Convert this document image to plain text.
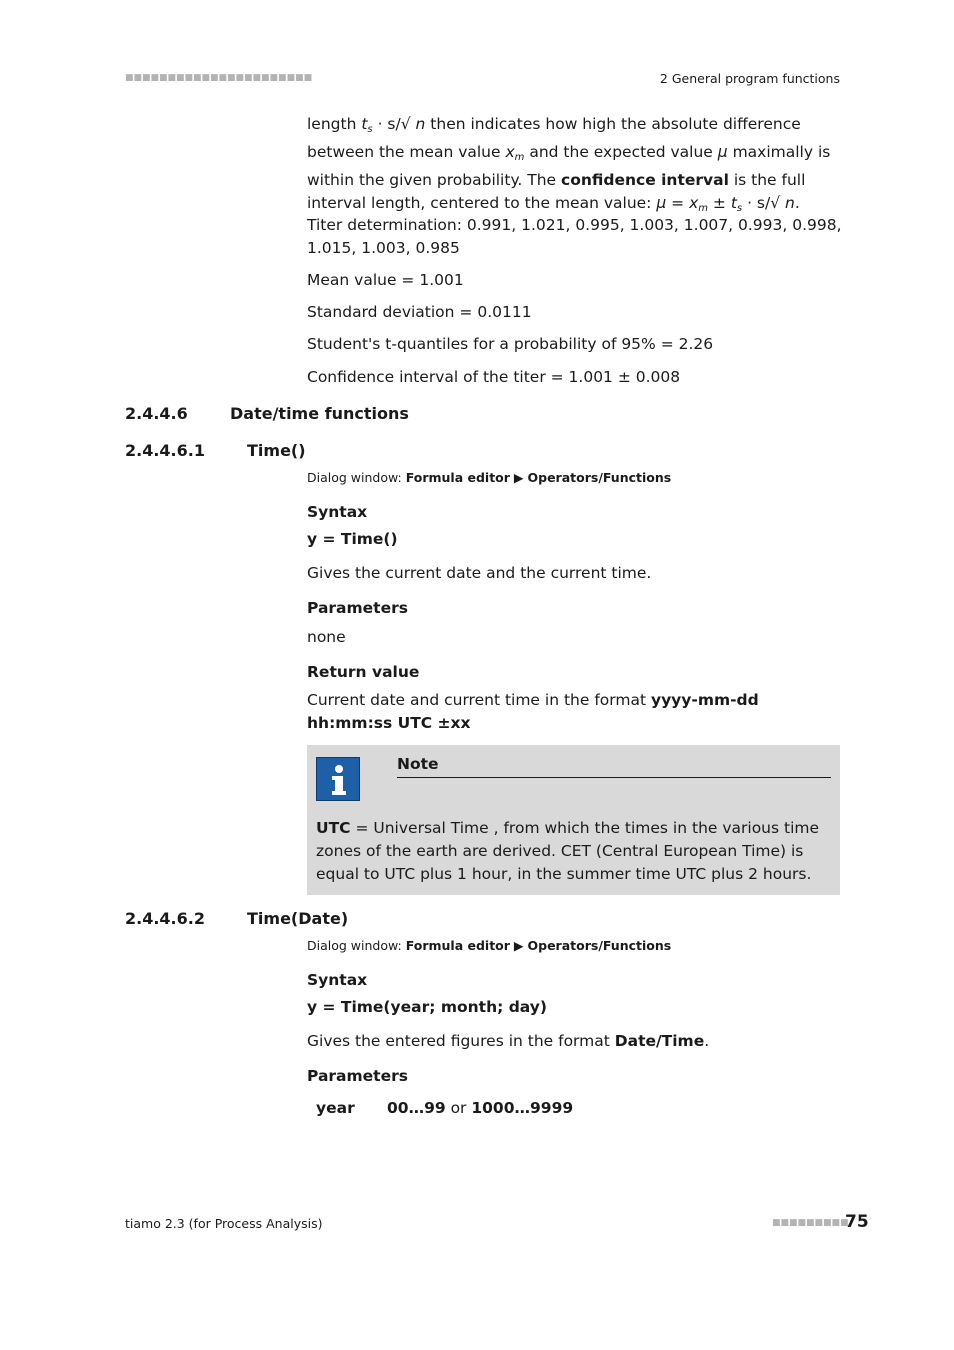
■■■■■■■■■■■■■■■■■■■■■■	2 General program functions

length $t_s \cdot s/√$ n then indicates how high the absolute difference between the mean value $x_m$ and the expected value μ maximally is within the given probability. The confidence interval is the full interval length, centered to the mean value: $\mu = x_m \pm t_s \cdot s/√$ n.

Titer determination: 0.991, 1.021, 0.995, 1.003, 1.007, 0.993, 0.998, 1.015, 1.003, 0.985

Mean value = 1.001

Standard deviation = 0.0111

Student's t-quantiles for a probability of 95% = 2.26

Confidence interval of the titer = 1.001 ± 0.008

2.4.4.6	Date/time functions
2.4.4.6.1	Time()
Dialog window: Formula editor ▶ Operators/Functions
Syntax
y = Time()

Gives the current date and the current time.

Parameters

none

Return value

Current date and current time in the format yyyy-mm-dd hh:mm:ss UTC ±xx

Note
UTC = Universal Time , from which the times in the various time zones of the earth are derived. CET (Central European Time) is equal to UTC plus 1 hour, in the summer time UTC plus 2 hours.
2.4.4.6.2	Time(Date)
Dialog window: Formula editor ▶ Operators/Functions
Syntax
y = Time(year; month; day)

Gives the entered figures in the format Date/Time.

Parameters
year 00…99 or 1000…9999
tiamo 2.3 (for Process Analysis)	■■■■■■■■■
75
